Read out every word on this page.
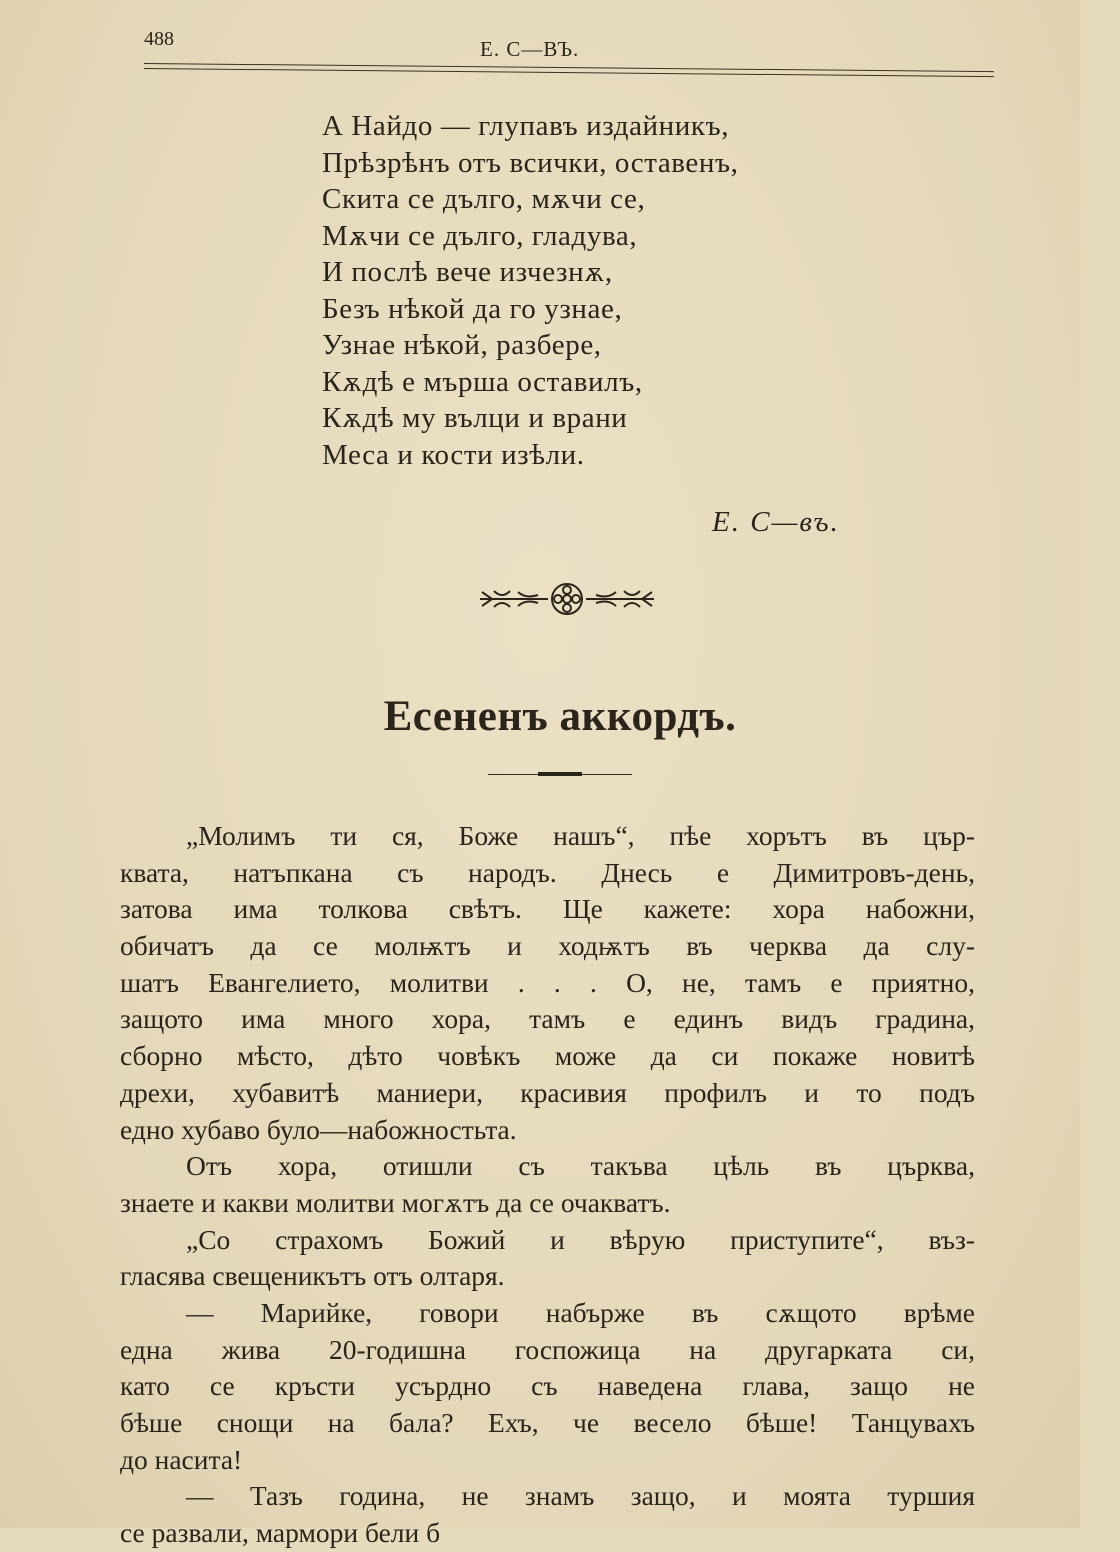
488	Е. С—ВЪ.
А Найдо — глупавъ издайникъ,
Прѣзрѣнъ отъ всички, оставенъ,
Скита се дълго, мѫчи се,
Мѫчи се дълго, гладува,
И послѣ вече изчезнѫ,
Безъ нѣкой да го узнае,
Узнае нѣкой, разбере,
Кѫдѣ е мърша оставилъ,
Кѫдѣ му вълци и врани
Меса и кости изѣли.
Е. С—въ.
Есененъ аккордъ.
„Молимъ ти ся, Боже нашъ“, пѣе хорътъ въ цър-
квата, натъпкана съ народъ. Днесь е Димитровъ-день,
затова има толкова свѣтъ. Ще кажете: хора набожни,
обичатъ да се молѭтъ и ходѭтъ въ черква да слу-
шатъ Евангелието, молитви . . . О, не, тамъ е приятно,
защото има много хора, тамъ е единъ видъ градина,
сборно мѣсто, дѣто човѣкъ може да си покаже новитѣ
дрехи, хубавитѣ маниери, красивия профилъ и то подъ
едно хубаво було—набожностьта.
Отъ хора, отишли съ такъва цѣль въ църква,
знаете и какви молитви могѫтъ да се очакватъ.
„Со страхомъ Божий и вѣрую приступите“, въз-
гласява свещеникътъ отъ олтаря.
— Марийке, говори набърже въ сѫщото врѣме
една жива 20-годишна госпожица на другарката си,
като се кръсти усърдно съ наведена глава, защо не
бѣше снощи на бала? Ехъ, че весело бѣше! Танцувахъ
до насита!
— Тазъ година, не знамъ защо, и моята туршия
се развали, мармори бели б
